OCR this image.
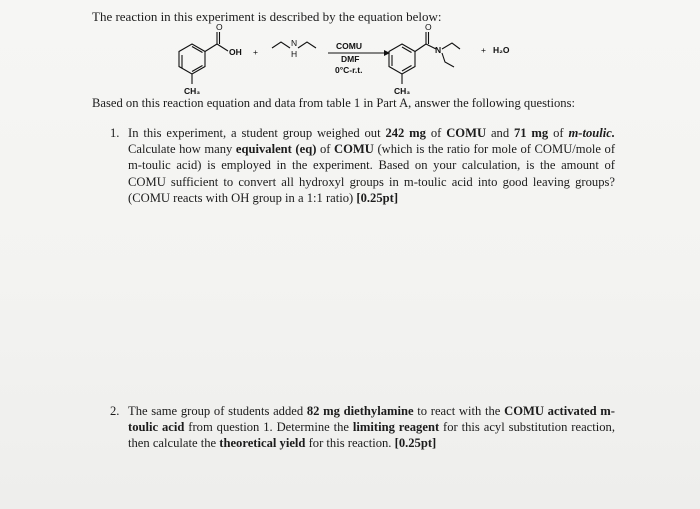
The reaction in this experiment is described by the equation below:
O
OH +
N
H
COMU
DMF
0°C-r.t.
O
N	+ H₂O
CH₃	CH₃
Based on this reaction equation and data from table 1 in Part A, answer the following questions:
1. In this experiment, a student group weighed out 242 mg of COMU and 71 mg of m-toulic. Calculate how many equivalent (eq) of COMU (which is the ratio for mole of COMU/mole of m-toulic acid) is employed in the experiment. Based on your calculation, is the amount of COMU sufficient to convert all hydroxyl groups in m-toulic acid into good leaving groups? (COMU reacts with OH group in a 1:1 ratio) [0.25pt]
2. The same group of students added 82 mg diethylamine to react with the COMU activated m-toulic acid from question 1. Determine the limiting reagent for this acyl substitution reaction, then calculate the theoretical yield for this reaction. [0.25pt]
